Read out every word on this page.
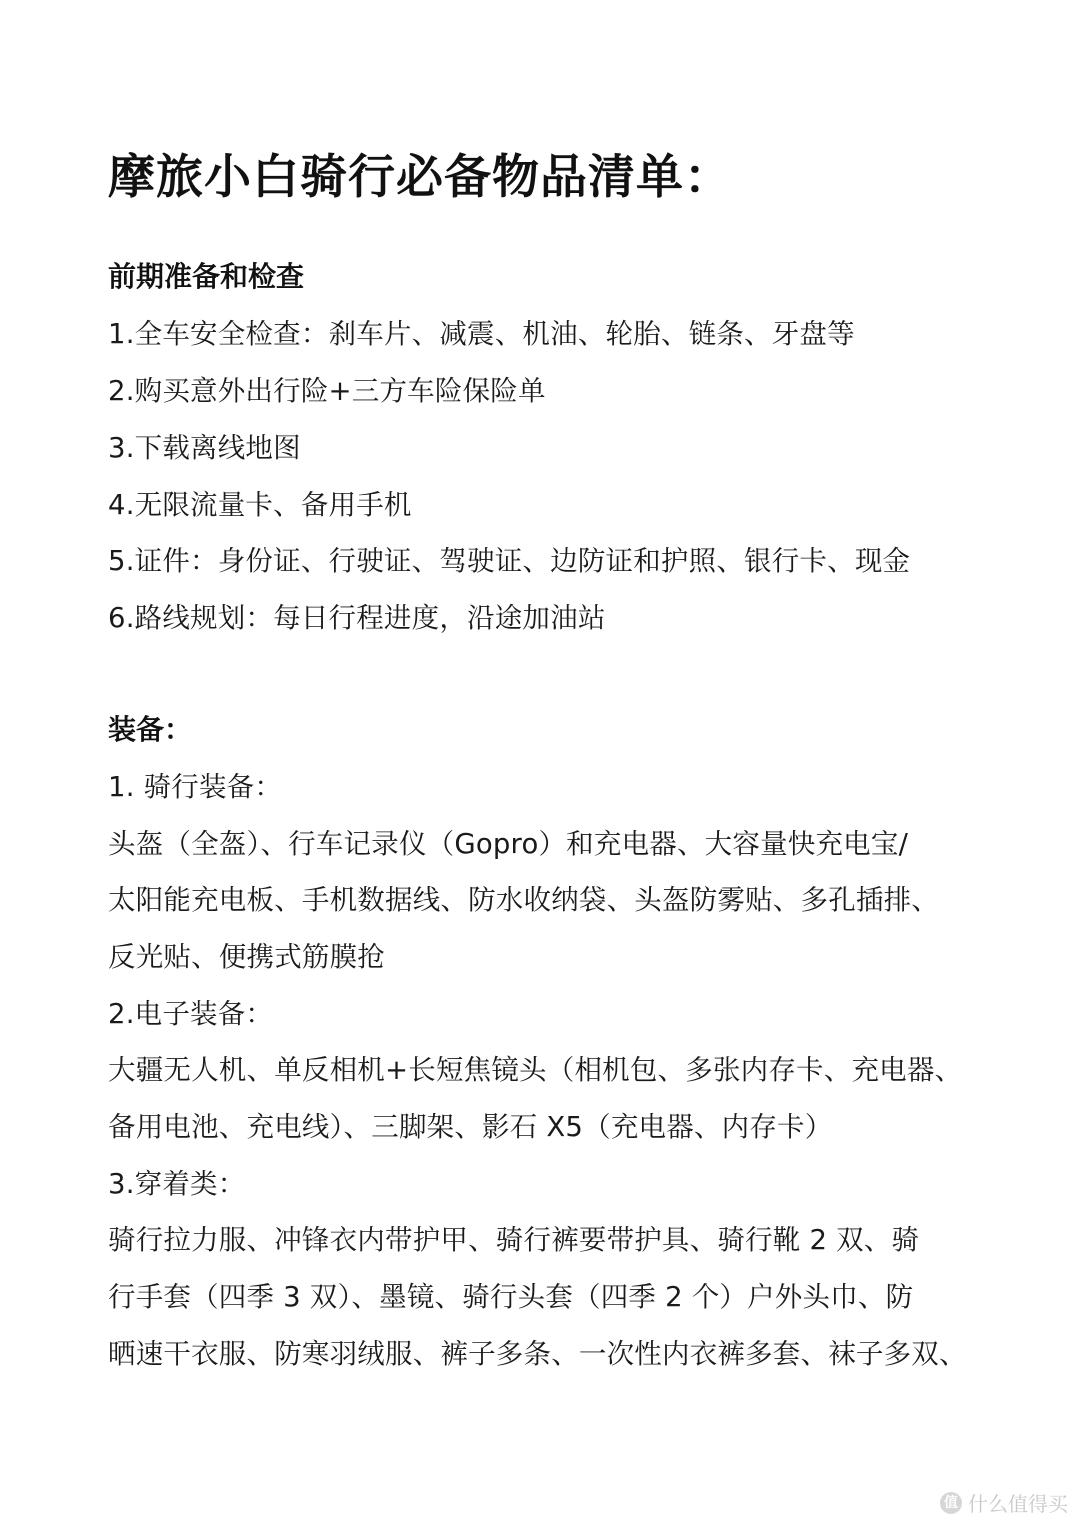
摩旅小白骑行必备物品清单：
前期准备和检查
1.全车安全检查：刹车片、减震、机油、轮胎、链条、牙盘等
2.购买意外出行险+三方车险保险单
3.下载离线地图
4.无限流量卡、备用手机
5.证件：身份证、行驶证、驾驶证、边防证和护照、银行卡、现金
6.路线规划：每日行程进度，沿途加油站
装备：
1. 骑行装备：
头盔（全盔）、行车记录仪（Gopro）和充电器、大容量快充电宝/
太阳能充电板、手机数据线、防水收纳袋、头盔防雾贴、多孔插排、
反光贴、便携式筋膜抢
2.电子装备：
大疆无人机、单反相机+长短焦镜头（相机包、多张内存卡、充电器、
备用电池、充电线）、三脚架、影石 X5（充电器、内存卡）
3.穿着类：
骑行拉力服、冲锋衣内带护甲、骑行裤要带护具、骑行靴 2 双、骑
行手套（四季 3 双）、墨镜、骑行头套（四季 2 个）户外头巾、防
晒速干衣服、防寒羽绒服、裤子多条、一次性内衣裤多套、袜子多双、
值 什么值得买
